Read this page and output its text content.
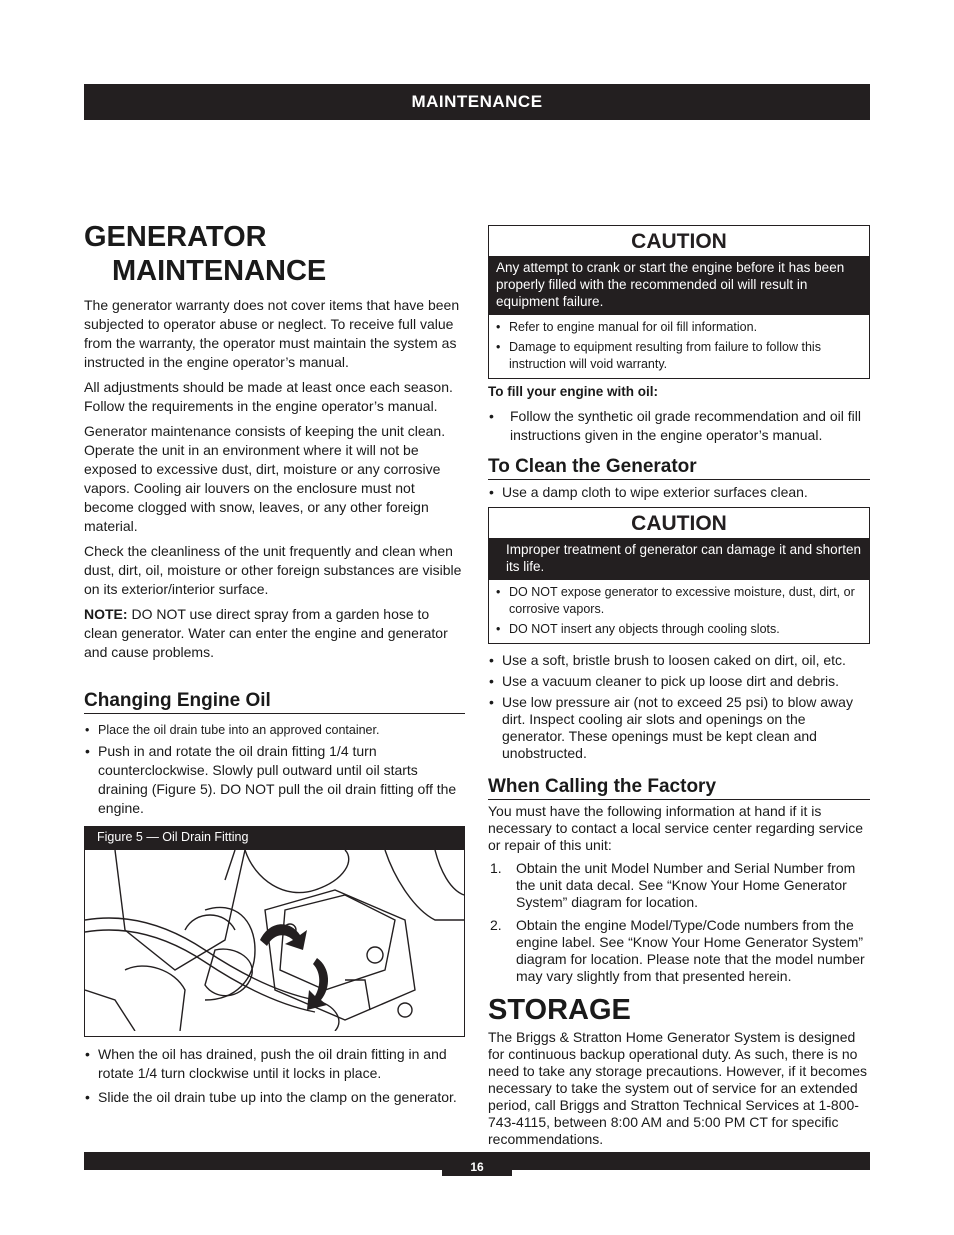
MAINTENANCE
GENERATOR
MAINTENANCE

The generator warranty does not cover items that have been subjected to operator abuse or neglect. To receive full value from the warranty, the operator must maintain the system as instructed in the engine operator’s manual.

All adjustments should be made at least once each season. Follow the requirements in the engine operator’s manual.

Generator maintenance consists of keeping the unit clean. Operate the unit in an environment where it will not be exposed to excessive dust, dirt, moisture or any corrosive vapors. Cooling air louvers on the enclosure must not become clogged with snow, leaves, or any other foreign material.

Check the cleanliness of the unit frequently and clean when dust, dirt, oil, moisture or other foreign substances are visible on its exterior/interior surface.

NOTE: DO NOT use direct spray from a garden hose to clean generator. Water can enter the engine and generator and cause problems.

Changing Engine Oil
• Place the oil drain tube into an approved container.
• Push in and rotate the oil drain fitting 1/4 turn counterclockwise. Slowly pull outward until oil starts draining (Figure 5). DO NOT pull the oil drain fitting off the engine.
Figure 5 — Oil Drain Fitting
• When the oil has drained, push the oil drain fitting in and rotate 1/4 turn clockwise until it locks in place.
• Slide the oil drain tube up into the clamp on the generator.
CAUTION
Any attempt to crank or start the engine before it has been properly filled with the recommended oil will result in equipment failure.
• Refer to engine manual for oil fill information.
• Damage to equipment resulting from failure to follow this instruction will void warranty.

To fill your engine with oil:

• Follow the synthetic oil grade recommendation and oil fill instructions given in the engine operator’s manual.
To Clean the Generator
• Use a damp cloth to wipe exterior surfaces clean.
CAUTION
Improper treatment of generator can damage it and shorten its life.
• DO NOT expose generator to excessive moisture, dust, dirt, or corrosive vapors.
• DO NOT insert any objects through cooling slots.
• Use a soft, bristle brush to loosen caked on dirt, oil, etc.
• Use a vacuum cleaner to pick up loose dirt and debris.
• Use low pressure air (not to exceed 25 psi) to blow away dirt. Inspect cooling air slots and openings on the generator. These openings must be kept clean and unobstructed.
When Calling the Factory

You must have the following information at hand if it is necessary to contact a local service center regarding service or repair of this unit:

1. Obtain the unit Model Number and Serial Number from the unit data decal. See “Know Your Home Generator System” diagram for location.
2. Obtain the engine Model/Type/Code numbers from the engine label. See “Know Your Home Generator System” diagram for location. Please note that the model number may vary slightly from that presented herein.
STORAGE

The Briggs & Stratton Home Generator System is designed for continuous backup operational duty. As such, there is no need to take any storage precautions. However, if it becomes necessary to take the system out of service for an extended period, call Briggs and Stratton Technical Services at 1-800-743-4115, between 8:00 AM and 5:00 PM CT for specific recommendations.

16
